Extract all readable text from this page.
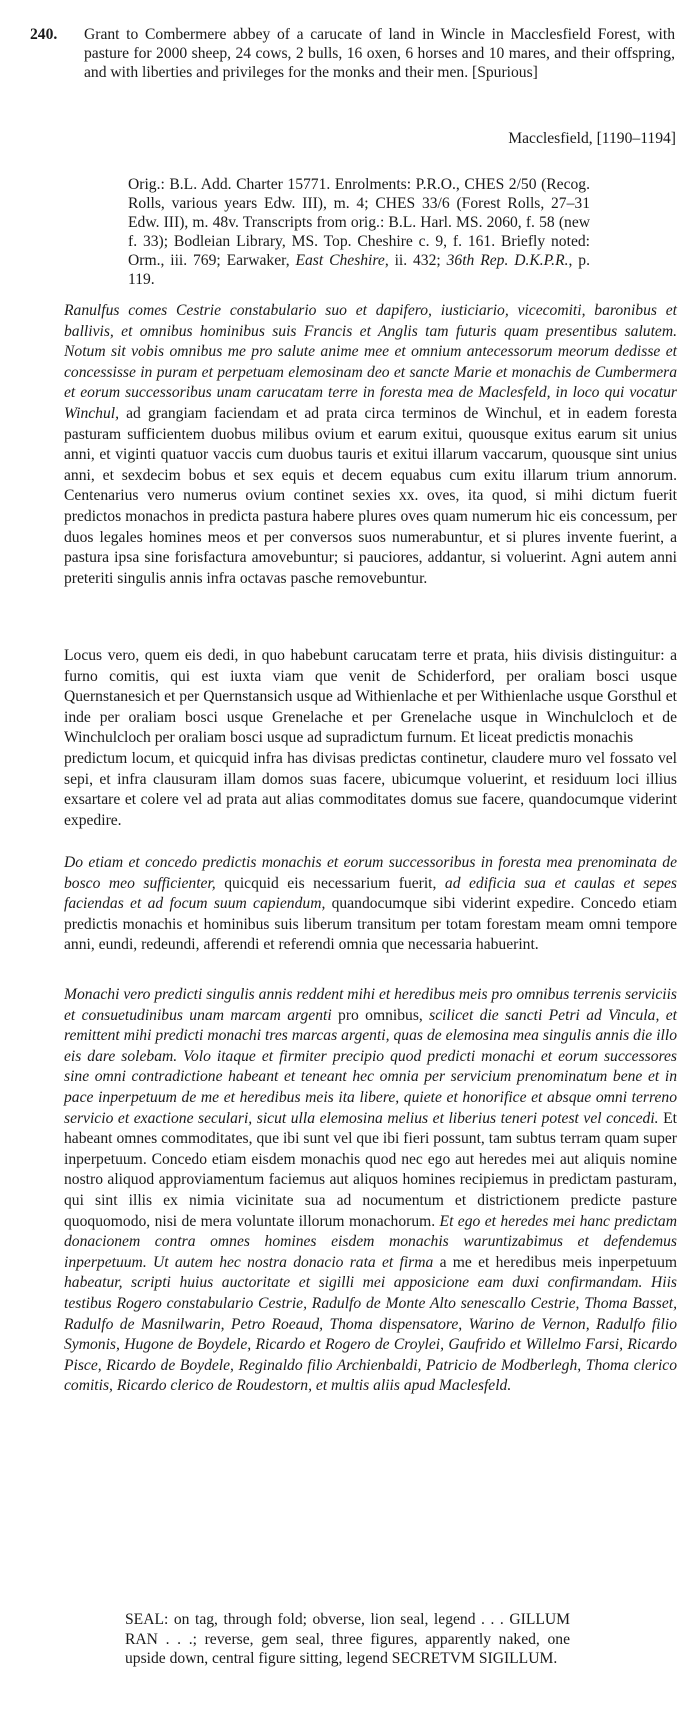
240. Grant to Combermere abbey of a carucate of land in Wincle in Macclesfield Forest, with pasture for 2000 sheep, 24 cows, 2 bulls, 16 oxen, 6 horses and 10 mares, and their offspring, and with liberties and privileges for the monks and their men. [Spurious]

Macclesfield, [1190–1194]
Orig.: B.L. Add. Charter 15771. Enrolments: P.R.O., CHES 2/50 (Recog. Rolls, various years Edw. III), m. 4; CHES 33/6 (Forest Rolls, 27–31 Edw. III), m. 48v. Transcripts from orig.: B.L. Harl. MS. 2060, f. 58 (new f. 33); Bodleian Library, MS. Top. Cheshire c. 9, f. 161. Briefly noted: Orm., iii. 769; Earwaker, East Cheshire, ii. 432; 36th Rep. D.K.P.R., p. 119.

Ranulfus comes Cestrie constabulario suo et dapifero, iusticiario, vicecomiti, baronibus et ballivis, et omnibus hominibus suis Francis et Anglis tam futuris quam presentibus salutem. Notum sit vobis omnibus me pro salute anime mee et omnium antecessorum meorum dedisse et concessisse in puram et perpetuam elemosinam deo et sancte Marie et monachis de Cumbermera et eorum successoribus unam carucatam terre in foresta mea de Maclesfeld, in loco qui vocatur Winchul, ad grangiam faciendam et ad prata circa terminos de Winchul, et in eadem foresta pasturam sufficientem duobus milibus ovium et earum exitui, quousque exitus earum sit unius anni, et viginti quatuor vaccis cum duobus tauris et exitui illarum vaccarum, quousque sint unius anni, et sexdecim bobus et sex equis et decem equabus cum exitu illarum trium annorum. Centenarius vero numerus ovium continet sexies xx. oves, ita quod, si mihi dictum fuerit predictos monachos in predicta pastura habere plures oves quam numerum hic eis concessum, per duos legales homines meos et per conversos suos numerabuntur, et si plures invente fuerint, a pastura ipsa sine forisfactura amovebuntur; si pauciores, addantur, si voluerint. Agni autem anni preteriti singulis annis infra octavas pasche removebuntur.

Locus vero, quem eis dedi, in quo habebunt carucatam terre et prata, hiis divisis distinguitur: a furno comitis, qui est iuxta viam que venit de Schiderford, per oraliam bosci usque Quernstanesich et per Quernstansich usque ad Withienlache et per Withienlache usque Gorsthul et inde per oraliam bosci usque Grenelache et per Grenelache usque in Winchulcloch et de Winchulcloch per oraliam bosci usque ad supradictum furnum. Et liceat predictis monachis

predictum locum, et quicquid infra has divisas predictas continetur, claudere muro vel fossato vel sepi, et infra clausuram illam domos suas facere, ubicumque voluerint, et residuum loci illius exsartare et colere vel ad prata aut alias commoditates domus sue facere, quandocumque viderint expedire.

Do etiam et concedo predictis monachis et eorum successoribus in foresta mea prenominata de bosco meo sufficienter, quicquid eis necessarium fuerit, ad edificia sua et caulas et sepes faciendas et ad focum suum capiendum, quandocumque sibi viderint expedire. Concedo etiam predictis monachis et hominibus suis liberum transitum per totam forestam meam omni tempore anni, eundi, redeundi, afferendi et referendi omnia que necessaria habuerint.

Monachi vero predicti singulis annis reddent mihi et heredibus meis pro omnibus terrenis serviciis et consuetudinibus unam marcam argenti pro omnibus, scilicet die sancti Petri ad Vincula, et remittent mihi predicti monachi tres marcas argenti, quas de elemosina mea singulis annis die illo eis dare solebam. Volo itaque et firmiter precipio quod predicti monachi et eorum successores sine omni contradictione habeant et teneant hec omnia per servicium prenominatum bene et in pace inperpetuum de me et heredibus meis ita libere, quiete et honorifice et absque omni terreno servicio et exactione seculari, sicut ulla elemosina melius et liberius teneri potest vel concedi. Et habeant omnes commoditates, que ibi sunt vel que ibi fieri possunt, tam subtus terram quam super inperpetuum. Concedo etiam eisdem monachis quod nec ego aut heredes mei aut aliquis nomine nostro aliquod approviamentum faciemus aut aliquos homines recipiemus in predictam pasturam, qui sint illis ex nimia vicinitate sua ad nocumentum et districtionem predicte pasture quoquomodo, nisi de mera voluntate illorum monachorum. Et ego et heredes mei hanc predictam donacionem contra omnes homines eisdem monachis waruntizabimus et defendemus inperpetuum. Ut autem hec nostra donacio rata et firma a me et heredibus meis inperpetuum habeatur, scripti huius auctoritate et sigilli mei apposicione eam duxi confirmandam. Hiis testibus Rogero constabulario Cestrie, Radulfo de Monte Alto senescallo Cestrie, Thoma Basset, Radulfo de Masnilwarin, Petro Roeaud, Thoma dispensatore, Warino de Vernon, Radulfo filio Symonis, Hugone de Boydele, Ricardo et Rogero de Croylei, Gaufrido et Willelmo Farsi, Ricardo Pisce, Ricardo de Boydele, Reginaldo filio Archienbaldi, Patricio de Modberlegh, Thoma clerico comitis, Ricardo clerico de Roudestorn, et multis aliis apud Maclesfeld.

SEAL: on tag, through fold; obverse, lion seal, legend . . . GILLUM RAN . . .; reverse, gem seal, three figures, apparently naked, one upside down, central figure sitting, legend SECRETVM SIGILLUM.
